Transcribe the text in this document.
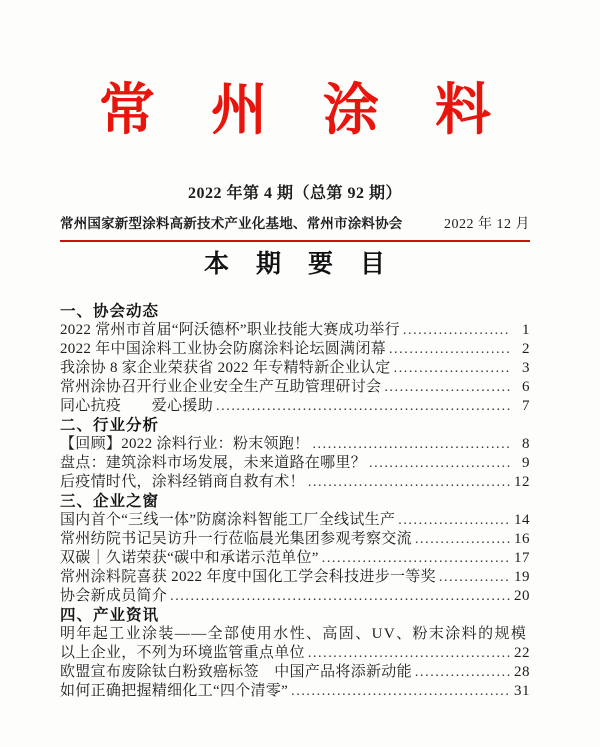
常　州　涂　料
2022 年第 4 期（总第 92 期）
常州国家新型涂料高新技术产业化基地、常州市涂料协会	2022 年 12 月
本　期　要　目
一、协会动态
2022 常州市首届“阿沃德杯”职业技能大赛成功举行 .....	1
2022 年中国涂料工业协会防腐涂料论坛圆满闭幕 .....	2
我涂协 8 家企业荣获省 2022 年专精特新企业认定 .....	3
常州涂协召开行业企业安全生产互助管理研讨会 .....	6
同心抗疫　　爱心援助 .....	7
二、行业分析
【回顾】2022 涂料行业：粉末领跑！ .....	8
盘点：建筑涂料市场发展，未来道路在哪里？ .....	9
后疫情时代，涂料经销商自救有术！ .....	12
三、企业之窗
国内首个“三线一体”防腐涂料智能工厂全线试生产 .....	14
常州纺院书记吴访升一行莅临晨光集团参观考察交流 .....	16
双碳｜久诺荣获“碳中和承诺示范单位” .....	17
常州涂料院喜获 2022 年度中国化工学会科技进步一等奖 .....	19
协会新成员简介 .....	20
四、产业资讯
明年起工业涂装——全部使用水性、高固、UV、粉末涂料的规模
以上企业，不列为环境监管重点单位 .....	22
欧盟宣布废除钛白粉致癌标签　中国产品将添新动能 .....	28
如何正确把握精细化工“四个清零” .....	31
